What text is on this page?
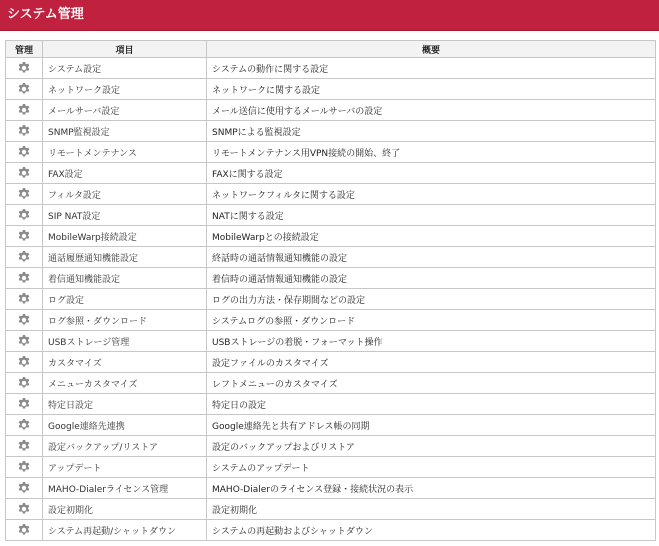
システム管理
管理	項目	概要

	システム設定	システムの動作に関する設定

	ネットワーク設定	ネットワークに関する設定

	メールサーバ設定	メール送信に使用するメールサーバの設定

	SNMP監視設定	SNMPによる監視設定

	リモートメンテナンス	リモートメンテナンス用VPN接続の開始、終了

	FAX設定	FAXに関する設定

	フィルタ設定	ネットワークフィルタに関する設定

	SIP NAT設定	NATに関する設定

	MobileWarp接続設定	MobileWarpとの接続設定

	通話履歴通知機能設定	終話時の通話情報通知機能の設定

	着信通知機能設定	着信時の通話情報通知機能の設定

	ログ設定	ログの出力方法・保存期間などの設定

	ログ参照・ダウンロード	システムログの参照・ダウンロード

	USBストレージ管理	USBストレージの着脱・フォーマット操作

	カスタマイズ	設定ファイルのカスタマイズ

	メニューカスタマイズ	レフトメニューのカスタマイズ

	特定日設定	特定日の設定

	Google連絡先連携	Google連絡先と共有アドレス帳の同期

	設定バックアップ/リストア	設定のバックアップおよびリストア

	アップデート	システムのアップデート

	MAHO-Dialerライセンス管理	MAHO-Dialerのライセンス登録・接続状況の表示

	設定初期化	設定初期化

	システム再起動/シャットダウン	システムの再起動およびシャットダウン
